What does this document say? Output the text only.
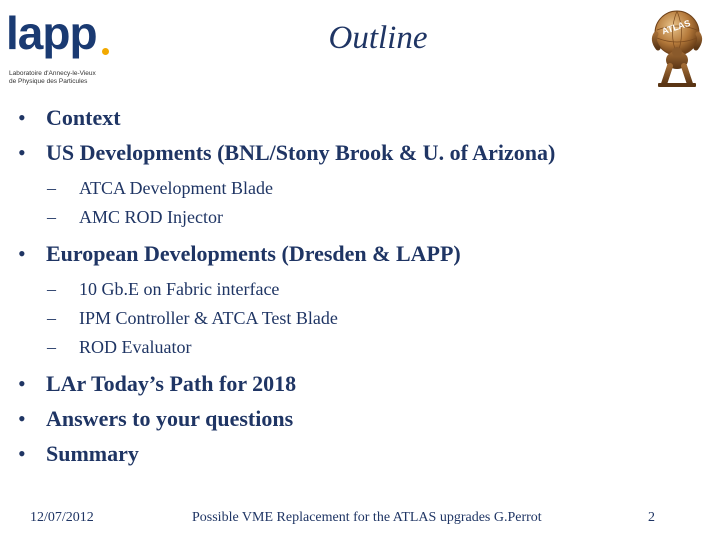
lapp
Laboratoire d'Annecy-le-Vieux
de Physique des Particules
Outline	ATLAS
• Context
• US Developments (BNL/Stony Brook & U. of Arizona)
– ATCA Development Blade
– AMC ROD Injector
• European Developments (Dresden & LAPP)
– 10 Gb.E on Fabric interface
– IPM Controller & ATCA Test Blade
– ROD Evaluator
• LAr Today’s Path for 2018
• Answers to your questions
• Summary
12/07/2012	Possible VME Replacement for the ATLAS upgrades G.Perrot	2
